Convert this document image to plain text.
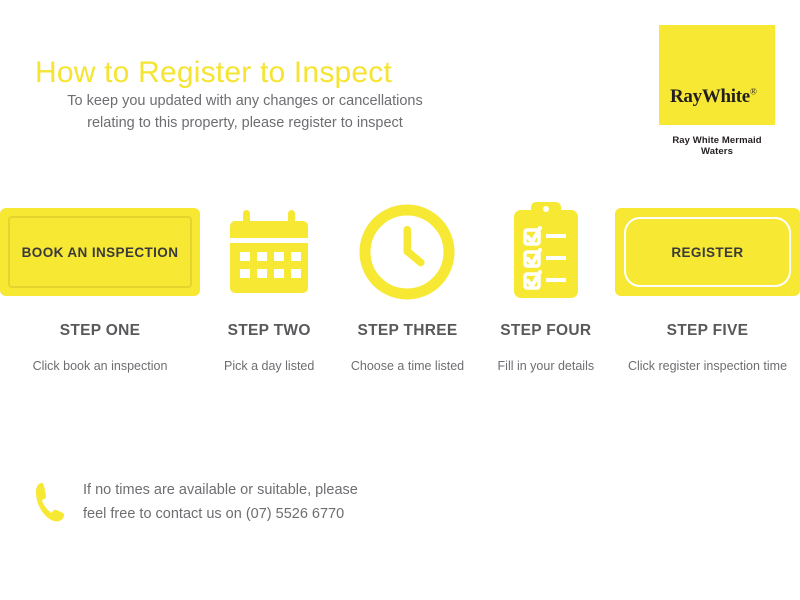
How to Register to Inspect
To keep you updated with any changes or cancellations
relating to this property, please register to inspect
RayWhite®
Ray White Mermaid Waters
BOOK AN INSPECTION
STEP ONE
Click book an inspection
STEP TWO
Pick a day listed
STEP THREE
Choose a time listed
STEP FOUR
Fill in your details
REGISTER
STEP FIVE
Click register inspection time
If no times are available or suitable, please
feel free to contact us on (07) 5526 6770
